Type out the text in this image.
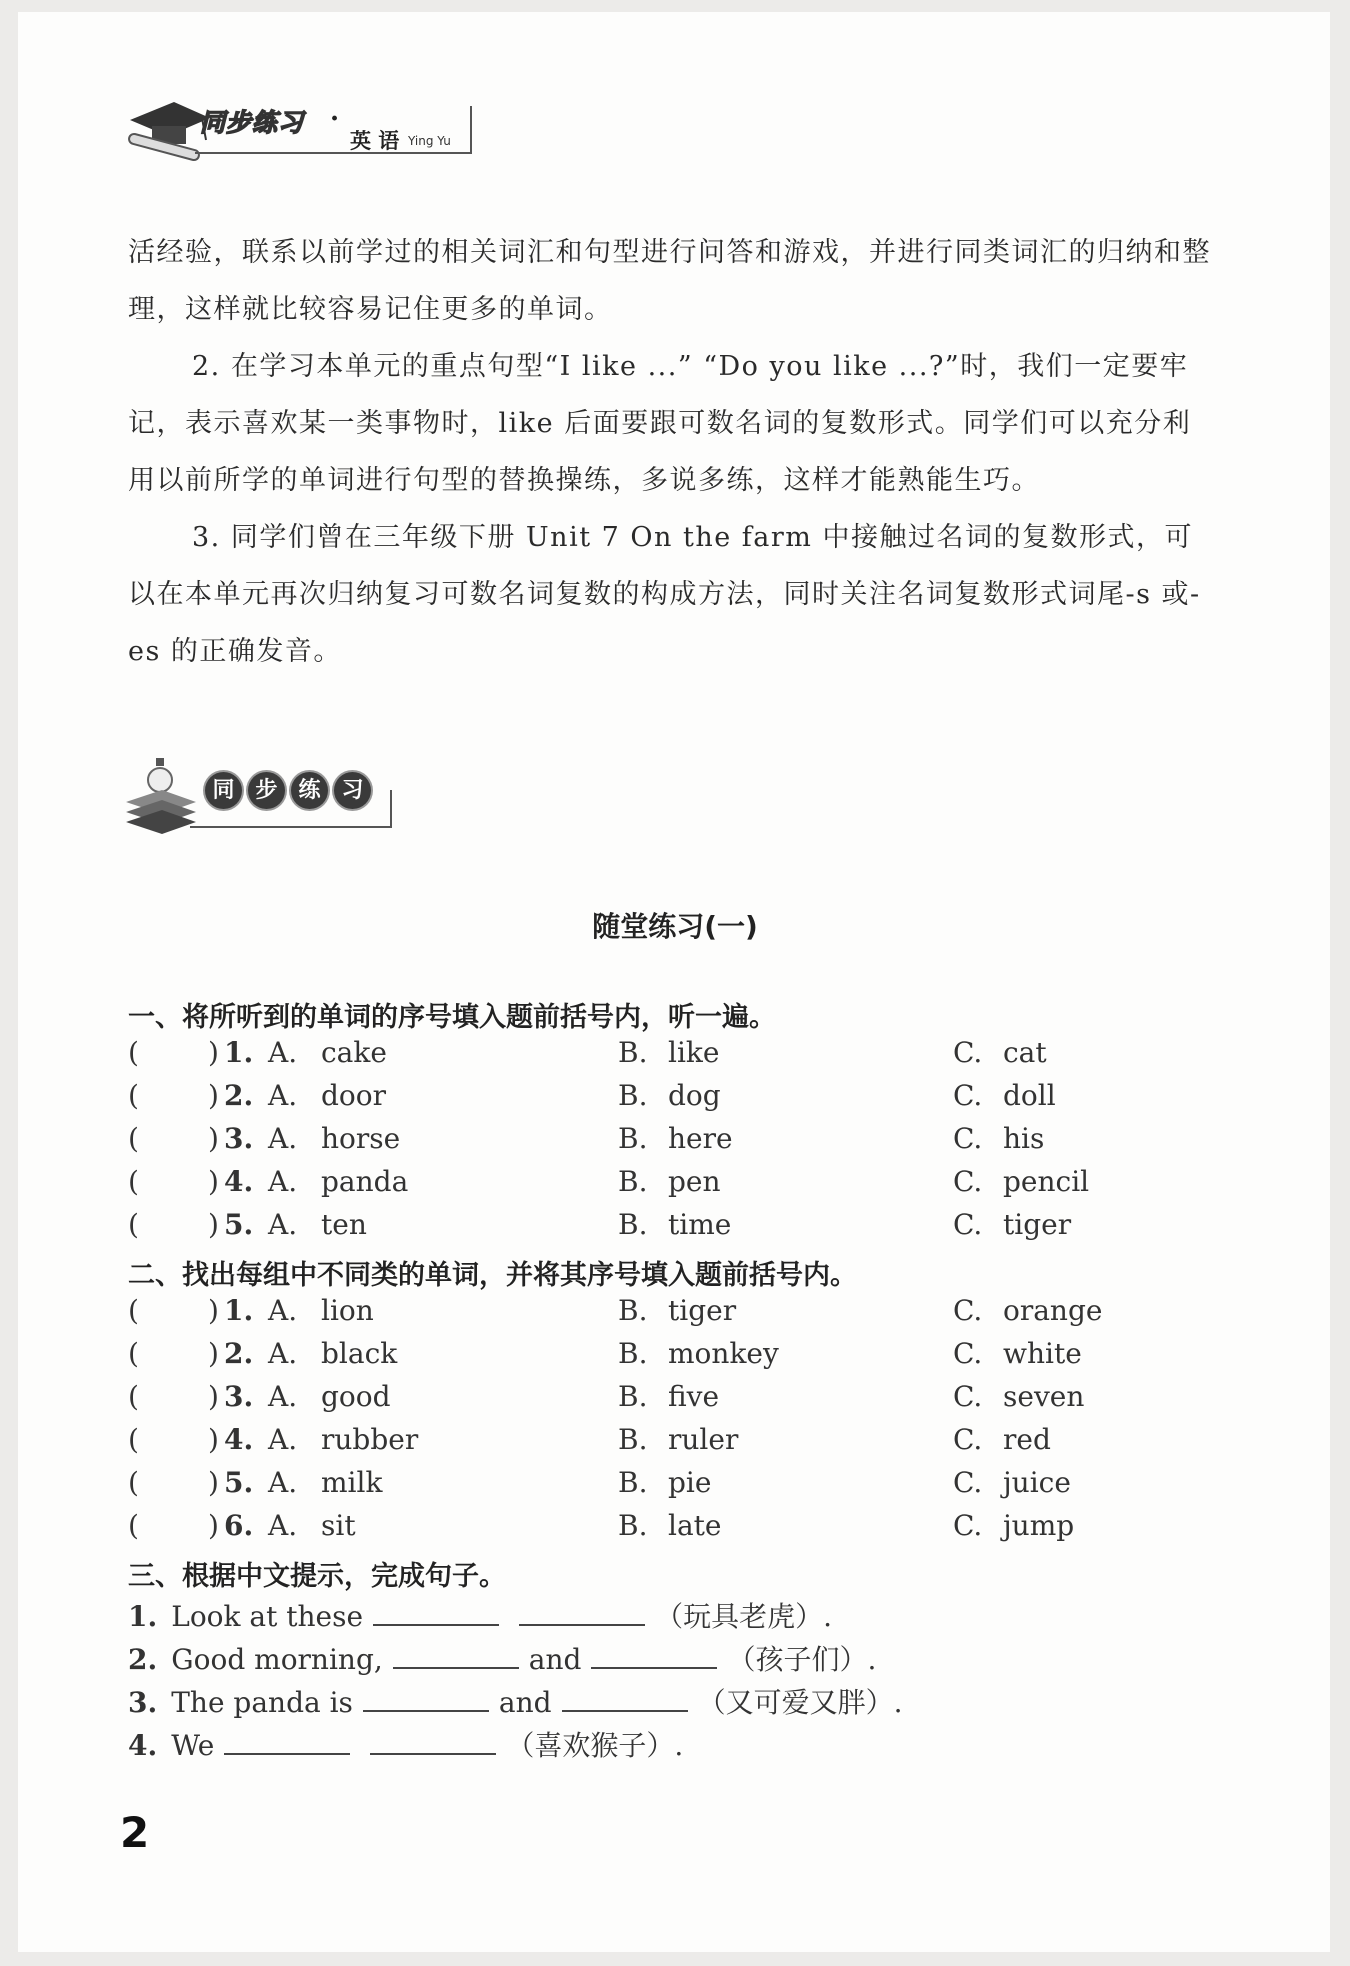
同步练习 ·
英 语 Ying Yu

活经验，联系以前学过的相关词汇和句型进行问答和游戏，并进行同类词汇的归纳和整理，这样就比较容易记住更多的单词。

2. 在学习本单元的重点句型“I like ...” “Do you like ...?”时，我们一定要牢记，表示喜欢某一类事物时，like 后面要跟可数名词的复数形式。同学们可以充分利用以前所学的单词进行句型的替换操练，多说多练，这样才能熟能生巧。

3. 同学们曾在三年级下册 Unit 7 On the farm 中接触过名词的复数形式，可以在本单元再次归纳复习可数名词复数的构成方法，同时关注名词复数形式词尾-s 或-es 的正确发音。

同 步 练 习
随堂练习(一)
一、将所听到的单词的序号填入题前括号内，听一遍。
( ) 1. A. cake	B. like	C. cat
( ) 2. A. door	B. dog	C. doll
( ) 3. A. horse	B. here	C. his
( ) 4. A. panda	B. pen	C. pencil
( ) 5. A. ten	B. time	C. tiger
二、找出每组中不同类的单词，并将其序号填入题前括号内。
( ) 1. A. lion	B. tiger	C. orange
( ) 2. A. black	B. monkey	C. white
( ) 3. A. good	B. five	C. seven
( ) 4. A. rubber	B. ruler	C. red
( ) 5. A. milk	B. pie	C. juice
( ) 6. A. sit	B. late	C. jump
三、根据中文提示，完成句子。
1. Look at these	（玩具老虎）.
2. Good morning,	and	（孩子们）.
3. The panda is	and	（又可爱又胖）.
4. We	（喜欢猴子）.
2
